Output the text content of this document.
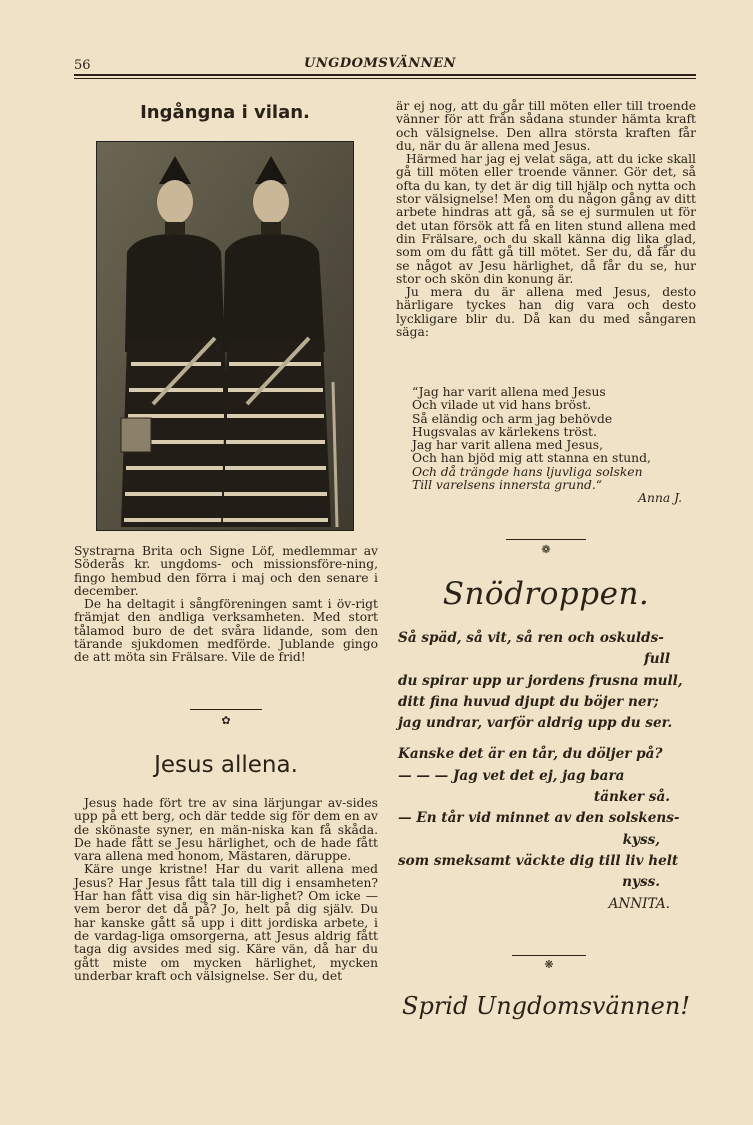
56	UNGDOMSVÄNNEN
Ingångna i vilan.

Systrarna Brita och Signe Löf, medlemmar av Söderås kr. ungdoms- och missionsföre-ning, fingo hembud den förra i maj och den senare i december.

De ha deltagit i sångföreningen samt i öv-rigt främjat den andliga verksamheten. Med stort tålamod buro de det svåra lidande, som den tärande sjukdomen medförde. Jublande gingo de att möta sin Frälsare. Vile de frid!

✿
Jesus allena.

Jesus hade fört tre av sina lärjungar av-sides upp på ett berg, och där tedde sig för dem en av de skönaste syner, en män-niska kan få skåda. De hade fått se Jesu härlighet, och de hade fått vara allena med honom, Mästaren, däruppe.

Käre unge kristne! Har du varit allena med Jesus? Har Jesus fått tala till dig i ensamheten? Har han fått visa dig sin här-lighet? Om icke — vem beror det då på? Jo, helt på dig själv. Du har kanske gått så upp i ditt jordiska arbete, i de vardag-liga omsorgerna, att Jesus aldrig fått taga dig avsides med sig. Käre vän, då har du gått miste om mycken härlighet, mycken underbar kraft och välsignelse. Ser du, det

är ej nog, att du går till möten eller till troende vänner för att från sådana stunder hämta kraft och välsignelse. Den allra största kraften får du, när du är allena med Jesus.

Härmed har jag ej velat säga, att du icke skall gå till möten eller troende vänner. Gör det, så ofta du kan, ty det är dig till hjälp och nytta och stor välsignelse! Men om du någon gång av ditt arbete hindras att gå, så se ej surmulen ut för det utan försök att få en liten stund allena med din Frälsare, och du skall känna dig lika glad, som om du fått gå till mötet. Ser du, då får du se något av Jesu härlighet, då får du se, hur stor och skön din konung är.

Ju mera du är allena med Jesus, desto härligare tyckes han dig vara och desto lyckligare blir du. Då kan du med sångaren säga:

“Jag har varit allena med Jesus
Och vilade ut vid hans bröst.
Så eländig och arm jag behövde
Hugsvalas av kärlekens tröst.
Jag har varit allena med Jesus,
Och han bjöd mig att stanna en stund,
Och då trängde hans ljuvliga solsken
Till varelsens innersta grund.“
Anna J.
❁
Snödroppen.
Så späd, så vit, så ren och oskulds-
full
du spirar upp ur jordens frusna mull,
ditt fina huvud djupt du böjer ner;
jag undrar, varför aldrig upp du ser.
Kanske det är en tår, du döljer på?
— — — Jag vet det ej, jag bara
tänker så.
— En tår vid minnet av den solskens-
kyss,
som smeksamt väckte dig till liv helt
nyss.
ANNITA.
❋
Sprid Ungdomsvännen!
